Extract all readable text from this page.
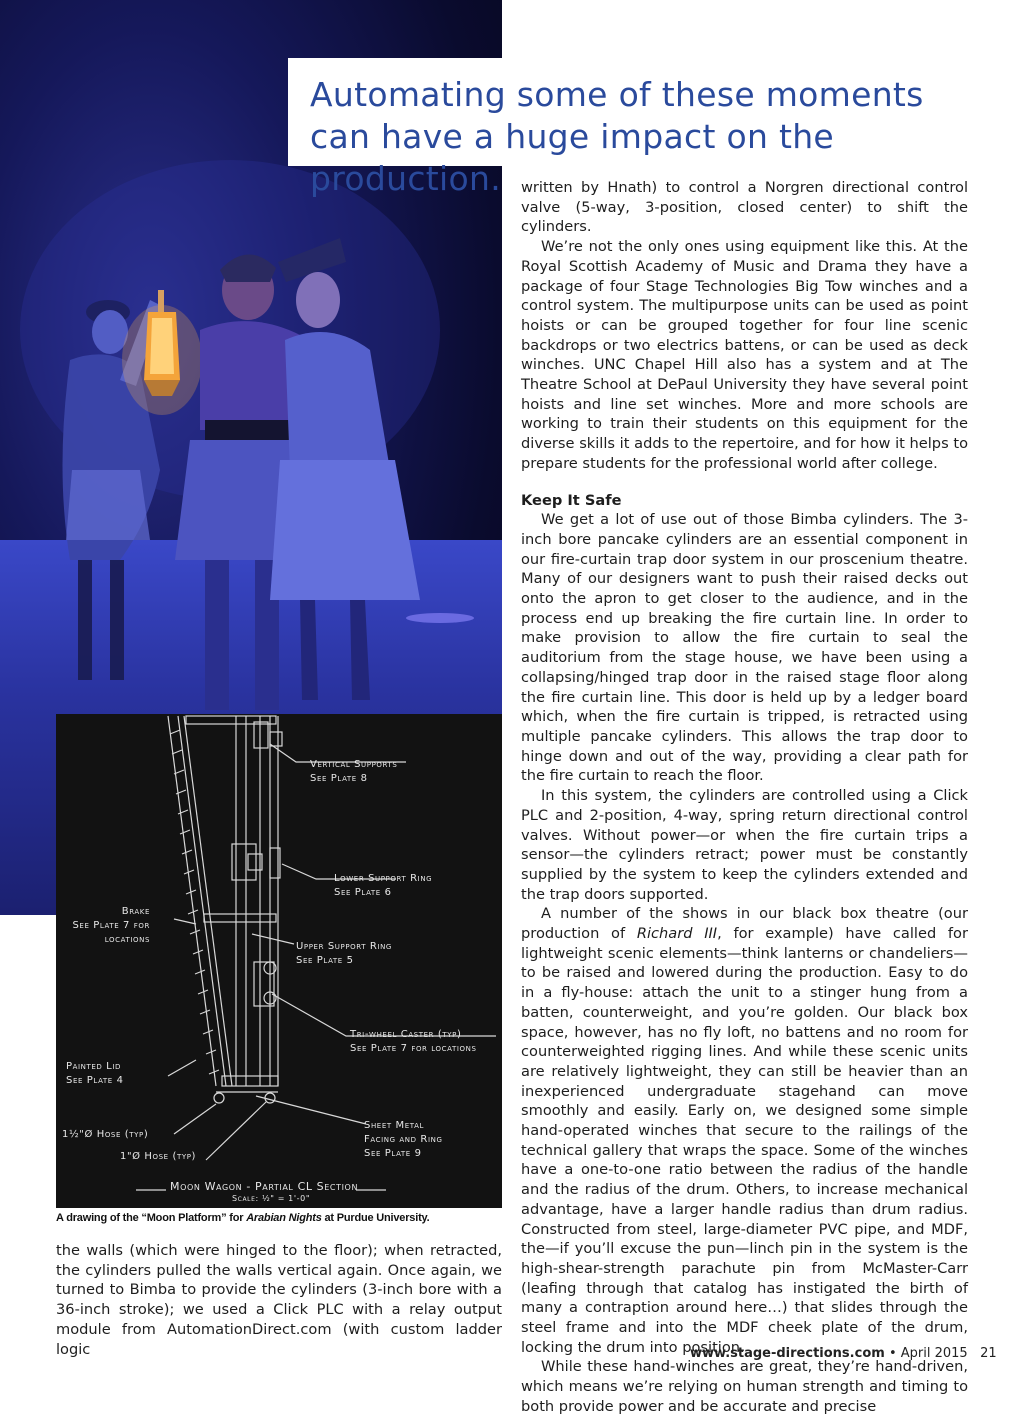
Automating some of these moments can have a huge impact on the production.

Vertical Supports
See Plate 8
Lower Support Ring
See Plate 6
Brake
See Plate 7 for
locations
Upper Support Ring
See Plate 5
Tri-wheel Caster (typ)
See Plate 7 for locations
Painted Lid
See Plate 4
Sheet Metal
Facing and Ring
See Plate 9
1½"Ø Hose (typ)
1"Ø Hose (typ)
Moon Wagon - Partial CL Section
Scale: ½" = 1'-0"
A drawing of the “Moon Platform” for Arabian Nights at Purdue University.

the walls (which were hinged to the floor); when retracted, the cylinders pulled the walls vertical again. Once again, we turned to Bimba to provide the cylinders (3-inch bore with a 36-inch stroke); we used a Click PLC with a relay output module from AutomationDirect.com (with custom ladder logic

written by Hnath) to control a Norgren directional control valve (5-way, 3-position, closed center) to shift the cylinders.

We’re not the only ones using equipment like this. At the Royal Scottish Academy of Music and Drama they have a package of four Stage Technologies Big Tow winches and a control system. The multipurpose units can be used as point hoists or can be grouped together for four line scenic backdrops or two electrics battens, or can be used as deck winches. UNC Chapel Hill also has a system and at The Theatre School at DePaul University they have several point hoists and line set winches. More and more schools are working to train their students on this equipment for the diverse skills it adds to the repertoire, and for how it helps to prepare students for the professional world after college.

Keep It Safe

We get a lot of use out of those Bimba cylinders. The 3-inch bore pancake cylinders are an essential component in our fire-curtain trap door system in our proscenium theatre. Many of our designers want to push their raised decks out onto the apron to get closer to the audience, and in the process end up breaking the fire curtain line. In order to make provision to allow the fire curtain to seal the auditorium from the stage house, we have been using a collapsing/hinged trap door in the raised stage floor along the fire curtain line. This door is held up by a ledger board which, when the fire curtain is tripped, is retracted using multiple pancake cylinders. This allows the trap door to hinge down and out of the way, providing a clear path for the fire curtain to reach the floor.

In this system, the cylinders are controlled using a Click PLC and 2-position, 4-way, spring return directional control valves. Without power—or when the fire curtain trips a sensor—the cylinders retract; power must be constantly supplied by the system to keep the cylinders extended and the trap doors supported.

A number of the shows in our black box theatre (our production of Richard III, for example) have called for lightweight scenic elements—think lanterns or chandeliers—to be raised and lowered during the production. Easy to do in a fly-house: attach the unit to a stinger hung from a batten, counterweight, and you’re golden. Our black box space, however, has no fly loft, no battens and no room for counterweighted rigging lines. And while these scenic units are relatively lightweight, they can still be heavier than an inexperienced undergraduate stagehand can move smoothly and easily. Early on, we designed some simple hand-operated winches that secure to the railings of the technical gallery that wraps the space. Some of the winches have a one-to-one ratio between the radius of the handle and the radius of the drum. Others, to increase mechanical advantage, have a larger handle radius than drum radius. Constructed from steel, large-diameter PVC pipe, and MDF, the—if you’ll excuse the pun—linch pin in the system is the high-shear-strength parachute pin from McMaster-Carr (leafing through that catalog has instigated the birth of many a contraption around here…) that slides through the steel frame and into the MDF cheek plate of the drum, locking the drum into position.

While these hand-winches are great, they’re hand-driven, which means we’re relying on human strength and timing to both provide power and be accurate and precise

www.stage-directions.com • April 2015 21
